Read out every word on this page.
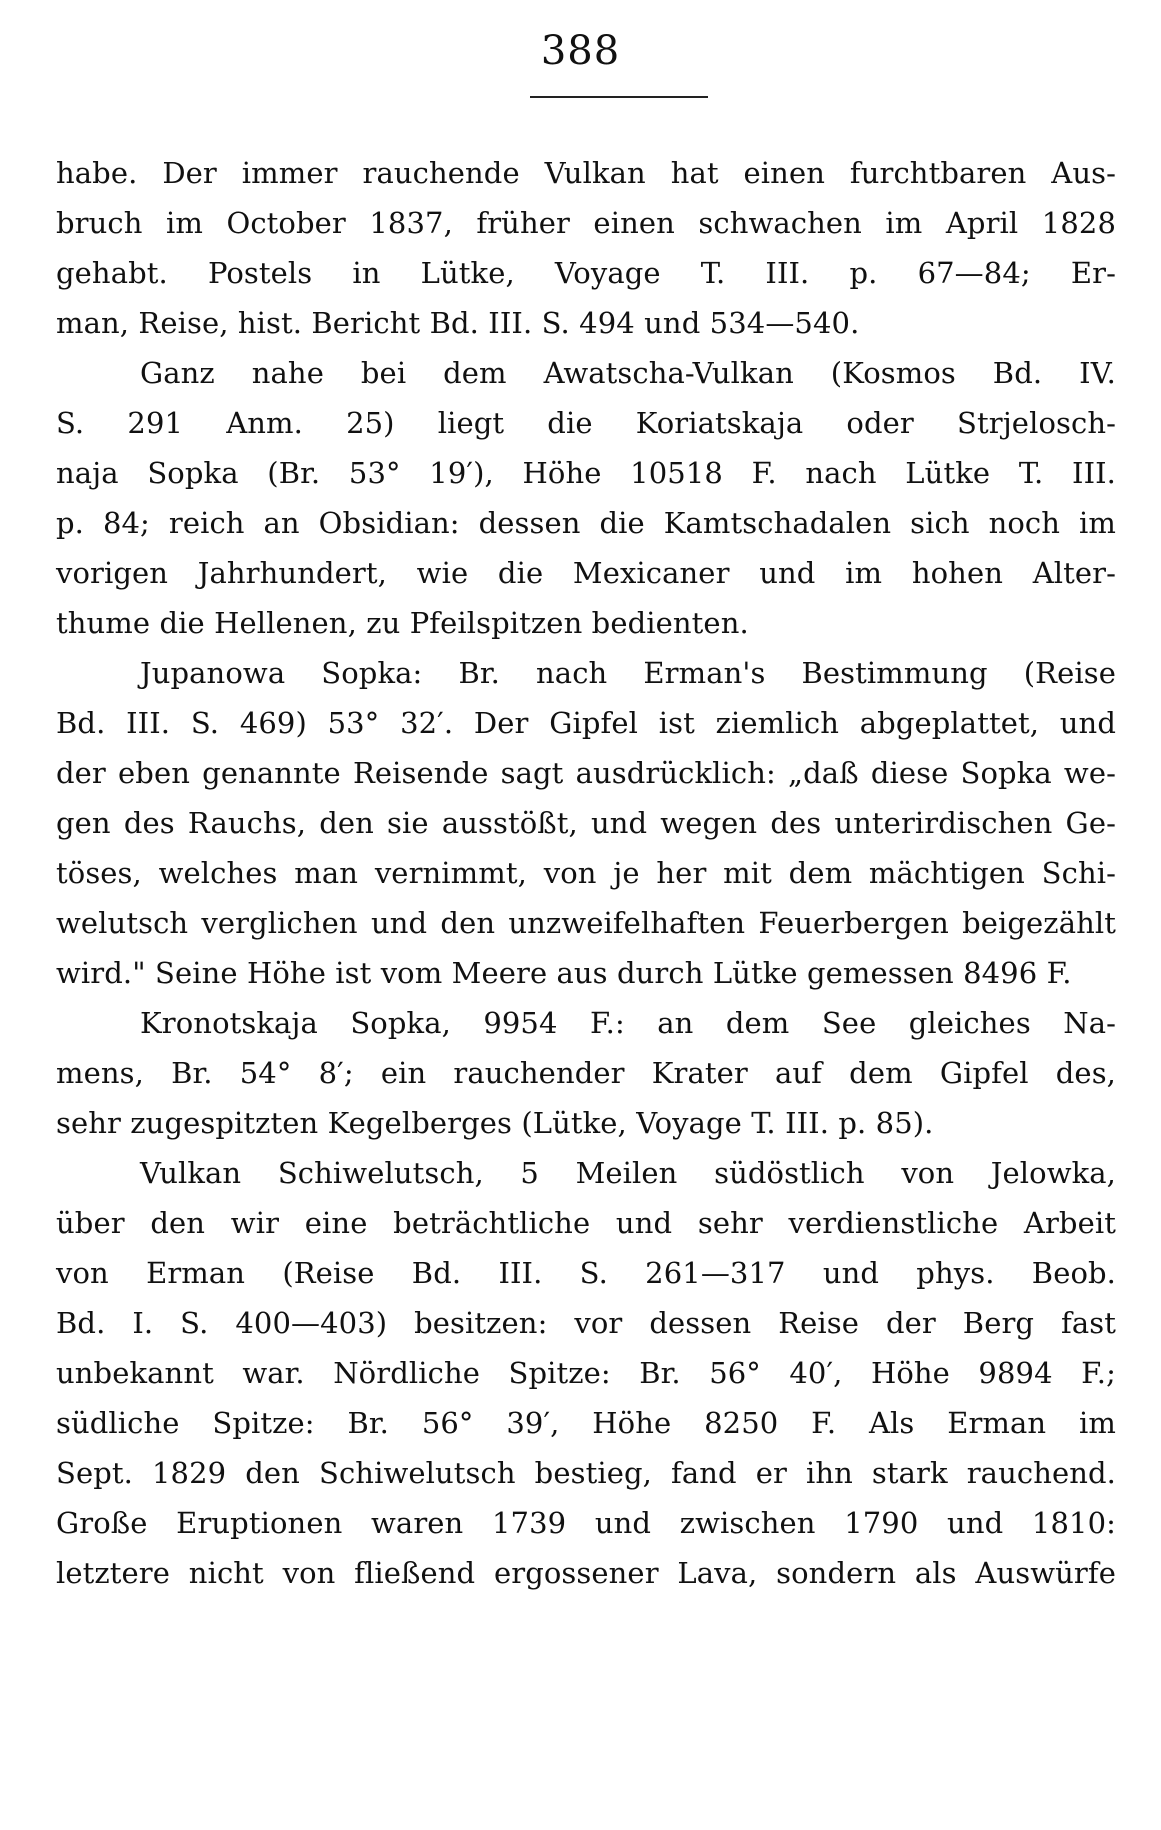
388
habe. Der immer rauchende Vulkan hat einen furchtbaren Aus-
bruch im October 1837, früher einen schwachen im April 1828
gehabt. Postels in Lütke, Voyage T. III. p. 67—84; Er-
man, Reise, hist. Bericht Bd. III. S. 494 und 534—540.
Ganz nahe bei dem Awatscha-Vulkan (Kosmos Bd. IV.
S. 291 Anm. 25) liegt die Koriatskaja oder Strjelosch-
naja Sopka (Br. 53° 19′), Höhe 10518 F. nach Lütke T. III.
p. 84; reich an Obsidian: dessen die Kamtschadalen sich noch im
vorigen Jahrhundert, wie die Mexicaner und im hohen Alter-
thume die Hellenen, zu Pfeilspitzen bedienten.
Jupanowa Sopka: Br. nach Erman's Bestimmung (Reise
Bd. III. S. 469) 53° 32′. Der Gipfel ist ziemlich abgeplattet, und
der eben genannte Reisende sagt ausdrücklich: „daß diese Sopka we-
gen des Rauchs, den sie ausstößt, und wegen des unterirdischen Ge-
töses, welches man vernimmt, von je her mit dem mächtigen Schi-
welutsch verglichen und den unzweifelhaften Feuerbergen beigezählt
wird." Seine Höhe ist vom Meere aus durch Lütke gemessen 8496 F.
Kronotskaja Sopka, 9954 F.: an dem See gleiches Na-
mens, Br. 54° 8′; ein rauchender Krater auf dem Gipfel des,
sehr zugespitzten Kegelberges (Lütke, Voyage T. III. p. 85).
Vulkan Schiwelutsch, 5 Meilen südöstlich von Jelowka,
über den wir eine beträchtliche und sehr verdienstliche Arbeit
von Erman (Reise Bd. III. S. 261—317 und phys. Beob.
Bd. I. S. 400—403) besitzen: vor dessen Reise der Berg fast
unbekannt war. Nördliche Spitze: Br. 56° 40′, Höhe 9894 F.;
südliche Spitze: Br. 56° 39′, Höhe 8250 F. Als Erman im
Sept. 1829 den Schiwelutsch bestieg, fand er ihn stark rauchend.
Große Eruptionen waren 1739 und zwischen 1790 und 1810:
letztere nicht von fließend ergossener Lava, sondern als Auswürfe
